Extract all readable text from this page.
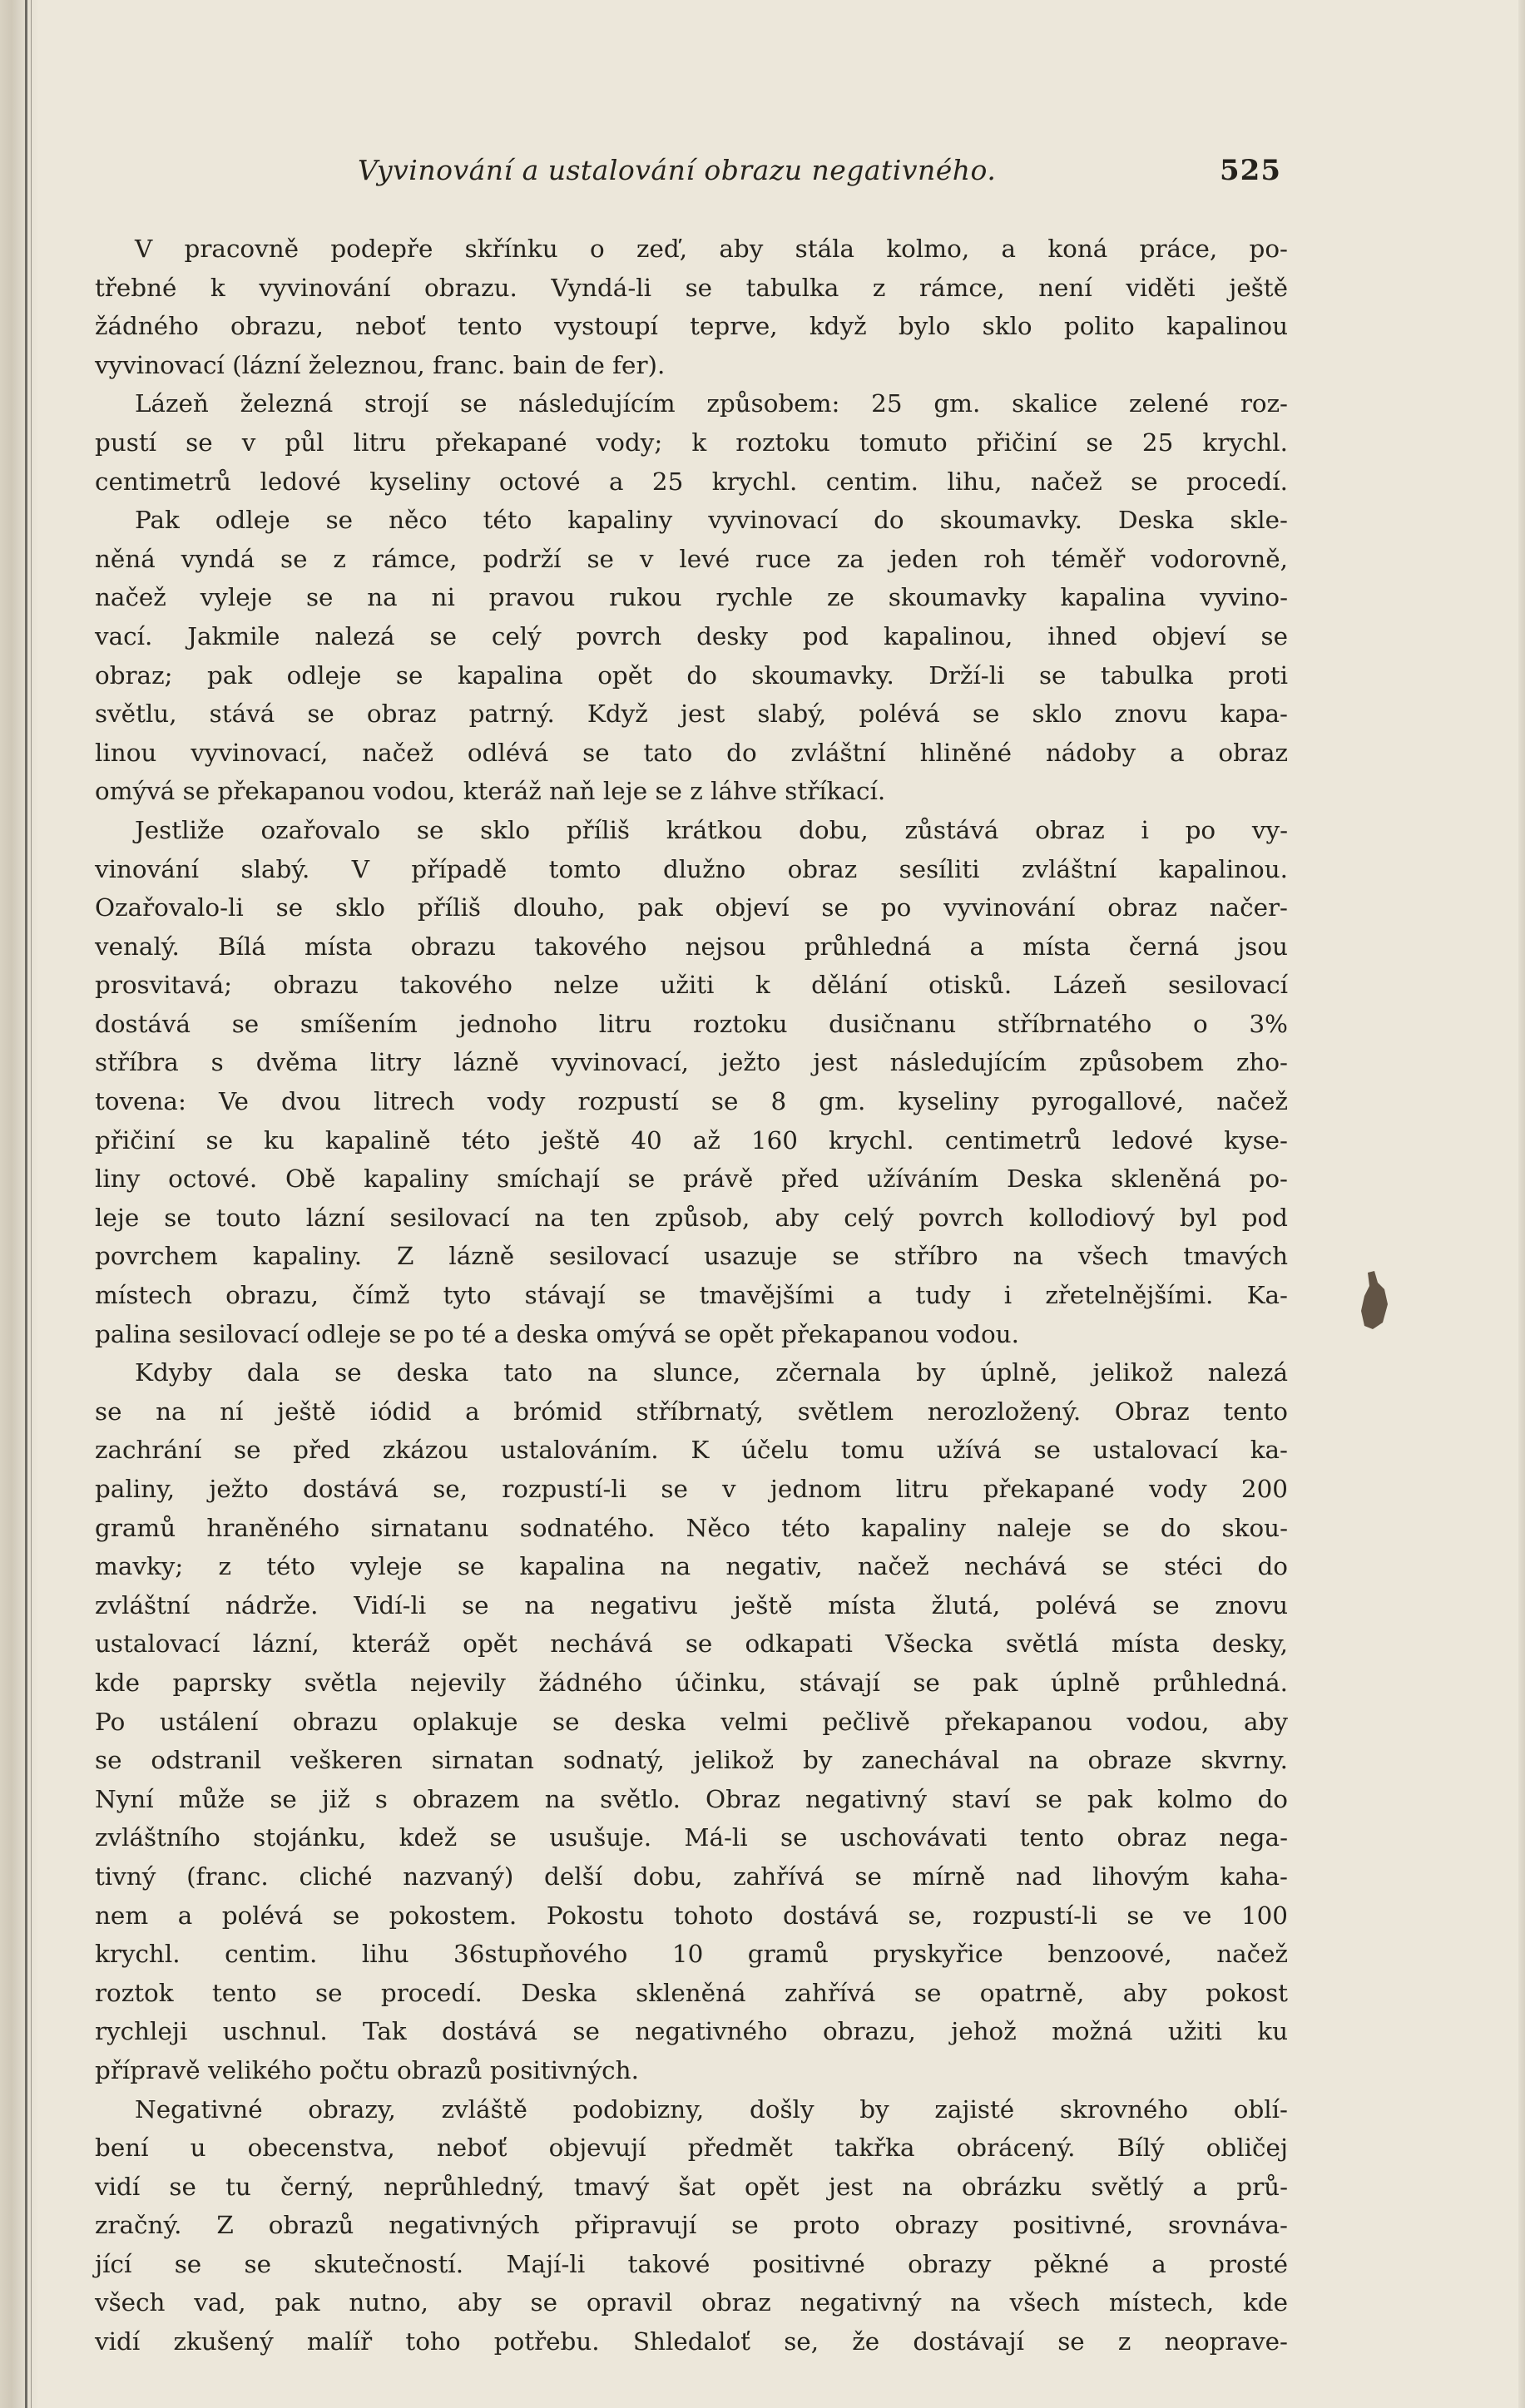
Vyvinování a ustalování obrazu negativného.	525
V pracovně podepře skřínku o zeď, aby stála kolmo, a koná práce, po-
třebné k vyvinování obrazu. Vyndá-li se tabulka z rámce, není viděti ještě
žádného obrazu, neboť tento vystoupí teprve, když bylo sklo polito kapalinou
vyvinovací (lázní železnou, franc. bain de fer).
Lázeň železná strojí se následujícím způsobem: 25 gm. skalice zelené roz-
pustí se v půl litru překapané vody; k roztoku tomuto přičiní se 25 krychl.
centimetrů ledové kyseliny octové a 25 krychl. centim. lihu, načež se procedí.
Pak odleje se něco této kapaliny vyvinovací do skoumavky. Deska skle-
něná vyndá se z rámce, podrží se v levé ruce za jeden roh téměř vodorovně,
načež vyleje se na ni pravou rukou rychle ze skoumavky kapalina vyvino-
vací. Jakmile nalezá se celý povrch desky pod kapalinou, ihned objeví se
obraz; pak odleje se kapalina opět do skoumavky. Drží-li se tabulka proti
světlu, stává se obraz patrný. Když jest slabý, polévá se sklo znovu kapa-
linou vyvinovací, načež odlévá se tato do zvláštní hliněné nádoby a obraz
omývá se překapanou vodou, kteráž naň leje se z láhve stříkací.
Jestliže ozařovalo se sklo příliš krátkou dobu, zůstává obraz i po vy-
vinování slabý. V případě tomto dlužno obraz sesíliti zvláštní kapalinou.
Ozařovalo-li se sklo příliš dlouho, pak objeví se po vyvinování obraz načer-
venalý. Bílá místa obrazu takového nejsou průhledná a místa černá jsou
prosvitavá; obrazu takového nelze užiti k dělání otisků. Lázeň sesilovací
dostává se smíšením jednoho litru roztoku dusičnanu stříbrnatého o 3%
stříbra s dvěma litry lázně vyvinovací, ježto jest následujícím způsobem zho-
tovena: Ve dvou litrech vody rozpustí se 8 gm. kyseliny pyrogallové, načež
přičiní se ku kapalině této ještě 40 až 160 krychl. centimetrů ledové kyse-
liny octové. Obě kapaliny smíchají se právě před užíváním Deska skleněná po-
leje se touto lázní sesilovací na ten způsob, aby celý povrch kollodiový byl pod
povrchem kapaliny. Z lázně sesilovací usazuje se stříbro na všech tmavých
místech obrazu, čímž tyto stávají se tmavějšími a tudy i zřetelnějšími. Ka-
palina sesilovací odleje se po té a deska omývá se opět překapanou vodou.
Kdyby dala se deska tato na slunce, zčernala by úplně, jelikož nalezá
se na ní ještě iódid a brómid stříbrnatý, světlem nerozložený. Obraz tento
zachrání se před zkázou ustalováním. K účelu tomu užívá se ustalovací ka-
paliny, ježto dostává se, rozpustí-li se v jednom litru překapané vody 200
gramů hraněného sirnatanu sodnatého. Něco této kapaliny naleje se do skou-
mavky; z této vyleje se kapalina na negativ, načež nechává se stéci do
zvláštní nádrže. Vidí-li se na negativu ještě místa žlutá, polévá se znovu
ustalovací lázní, kteráž opět nechává se odkapati Všecka světlá místa desky,
kde paprsky světla nejevily žádného účinku, stávají se pak úplně průhledná.
Po ustálení obrazu oplakuje se deska velmi pečlivě překapanou vodou, aby
se odstranil veškeren sirnatan sodnatý, jelikož by zanechával na obraze skvrny.
Nyní může se již s obrazem na světlo. Obraz negativný staví se pak kolmo do
zvláštního stojánku, kdež se usušuje. Má-li se uschovávati tento obraz nega-
tivný (franc. cliché nazvaný) delší dobu, zahřívá se mírně nad lihovým kaha-
nem a polévá se pokostem. Pokostu tohoto dostává se, rozpustí-li se ve 100
krychl. centim. lihu 36stupňového 10 gramů pryskyřice benzoové, načež
roztok tento se procedí. Deska skleněná zahřívá se opatrně, aby pokost
rychleji uschnul. Tak dostává se negativného obrazu, jehož možná užiti ku
přípravě velikého počtu obrazů positivných.
Negativné obrazy, zvláště podobizny, došly by zajisté skrovného oblí-
bení u obecenstva, neboť objevují předmět takřka obrácený. Bílý obličej
vidí se tu černý, neprůhledný, tmavý šat opět jest na obrázku světlý a prů-
zračný. Z obrazů negativných připravují se proto obrazy positivné, srovnáva-
jící se se skutečností. Mají-li takové positivné obrazy pěkné a prosté
všech vad, pak nutno, aby se opravil obraz negativný na všech místech, kde
vidí zkušený malíř toho potřebu. Shledaloť se, že dostávají se z neoprave-
